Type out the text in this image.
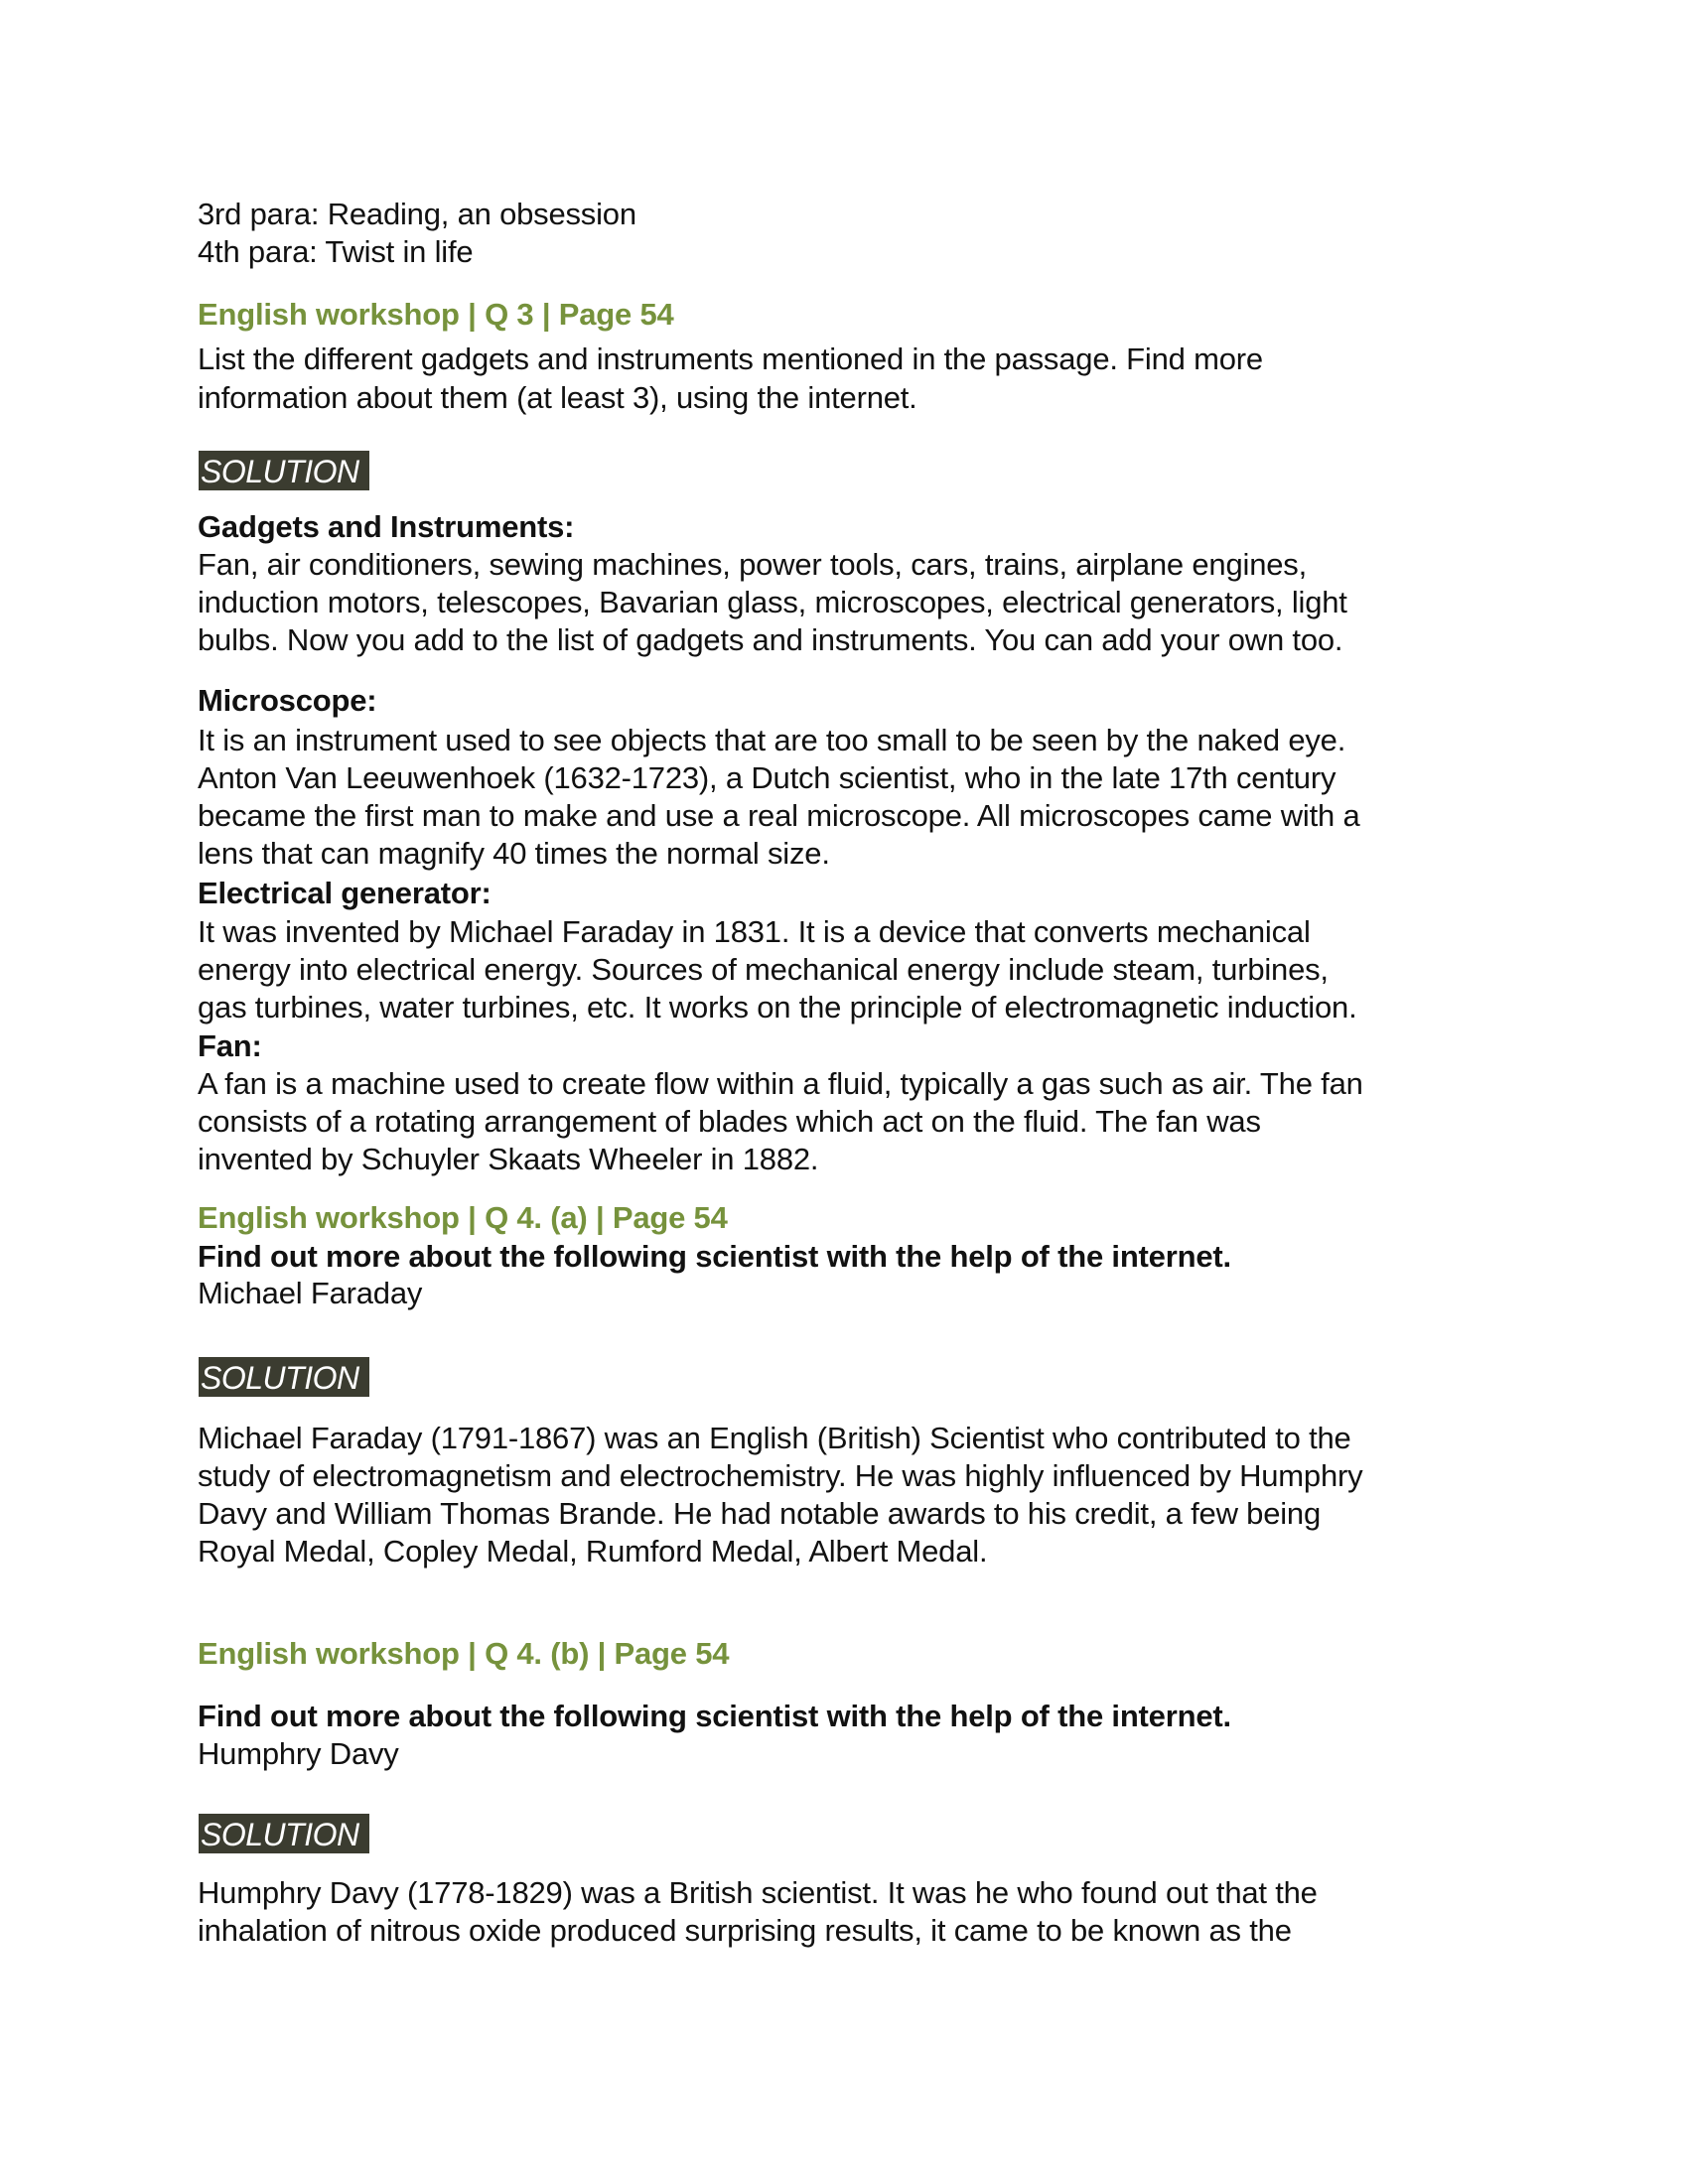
3rd para: Reading, an obsession
4th para: Twist in life
English workshop | Q 3 | Page 54
List the different gadgets and instruments mentioned in the passage. Find more
information about them (at least 3), using the internet.
SOLUTION
Gadgets and Instruments:
Fan, air conditioners, sewing machines, power tools, cars, trains, airplane engines,
induction motors, telescopes, Bavarian glass, microscopes, electrical generators, light
bulbs. Now you add to the list of gadgets and instruments. You can add your own too.
Microscope:
It is an instrument used to see objects that are too small to be seen by the naked eye.
Anton Van Leeuwenhoek (1632-1723), a Dutch scientist, who in the late 17th century
became the first man to make and use a real microscope. All microscopes came with a
lens that can magnify 40 times the normal size.
Electrical generator:
It was invented by Michael Faraday in 1831. It is a device that converts mechanical
energy into electrical energy. Sources of mechanical energy include steam, turbines,
gas turbines, water turbines, etc. It works on the principle of electromagnetic induction.
Fan:
A fan is a machine used to create flow within a fluid, typically a gas such as air. The fan
consists of a rotating arrangement of blades which act on the fluid. The fan was
invented by Schuyler Skaats Wheeler in 1882.
English workshop | Q 4. (a) | Page 54
Find out more about the following scientist with the help of the internet.
Michael Faraday
SOLUTION
Michael Faraday (1791-1867) was an English (British) Scientist who contributed to the
study of electromagnetism and electrochemistry. He was highly influenced by Humphry
Davy and William Thomas Brande. He had notable awards to his credit, a few being
Royal Medal, Copley Medal, Rumford Medal, Albert Medal.
English workshop | Q 4. (b) | Page 54
Find out more about the following scientist with the help of the internet.
Humphry Davy
SOLUTION
Humphry Davy (1778-1829) was a British scientist. It was he who found out that the
inhalation of nitrous oxide produced surprising results, it came to be known as the
